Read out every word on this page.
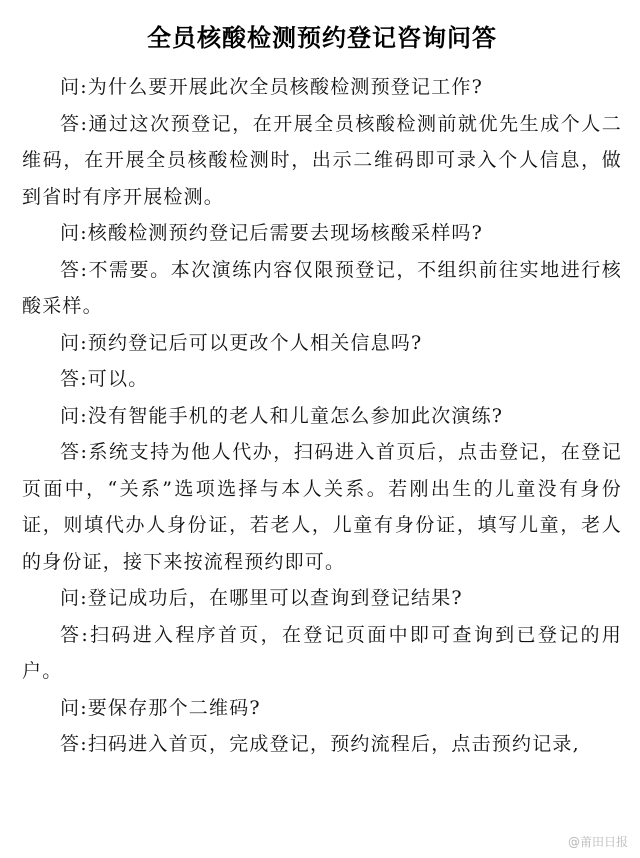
全员核酸检测预约登记咨询问答

问:为什么要开展此次全员核酸检测预登记工作?

答:通过这次预登记，在开展全员核酸检测前就优先生成个人二维码，在开展全员核酸检测时，出示二维码即可录入个人信息，做到省时有序开展检测。

问:核酸检测预约登记后需要去现场核酸采样吗?

答:不需要。本次演练内容仅限预登记，不组织前往实地进行核酸采样。

问:预约登记后可以更改个人相关信息吗?

答:可以。

问:没有智能手机的老人和儿童怎么参加此次演练?

答:系统支持为他人代办，扫码进入首页后，点击登记，在登记页面中，“关系”选项选择与本人关系。若刚出生的儿童没有身份证，则填代办人身份证，若老人，儿童有身份证，填写儿童，老人的身份证，接下来按流程预约即可。

问:登记成功后，在哪里可以查询到登记结果?

答:扫码进入程序首页，在登记页面中即可查询到已登记的用户。

问:要保存那个二维码?

答:扫码进入首页，完成登记，预约流程后，点击预约记录,

@莆田日报
